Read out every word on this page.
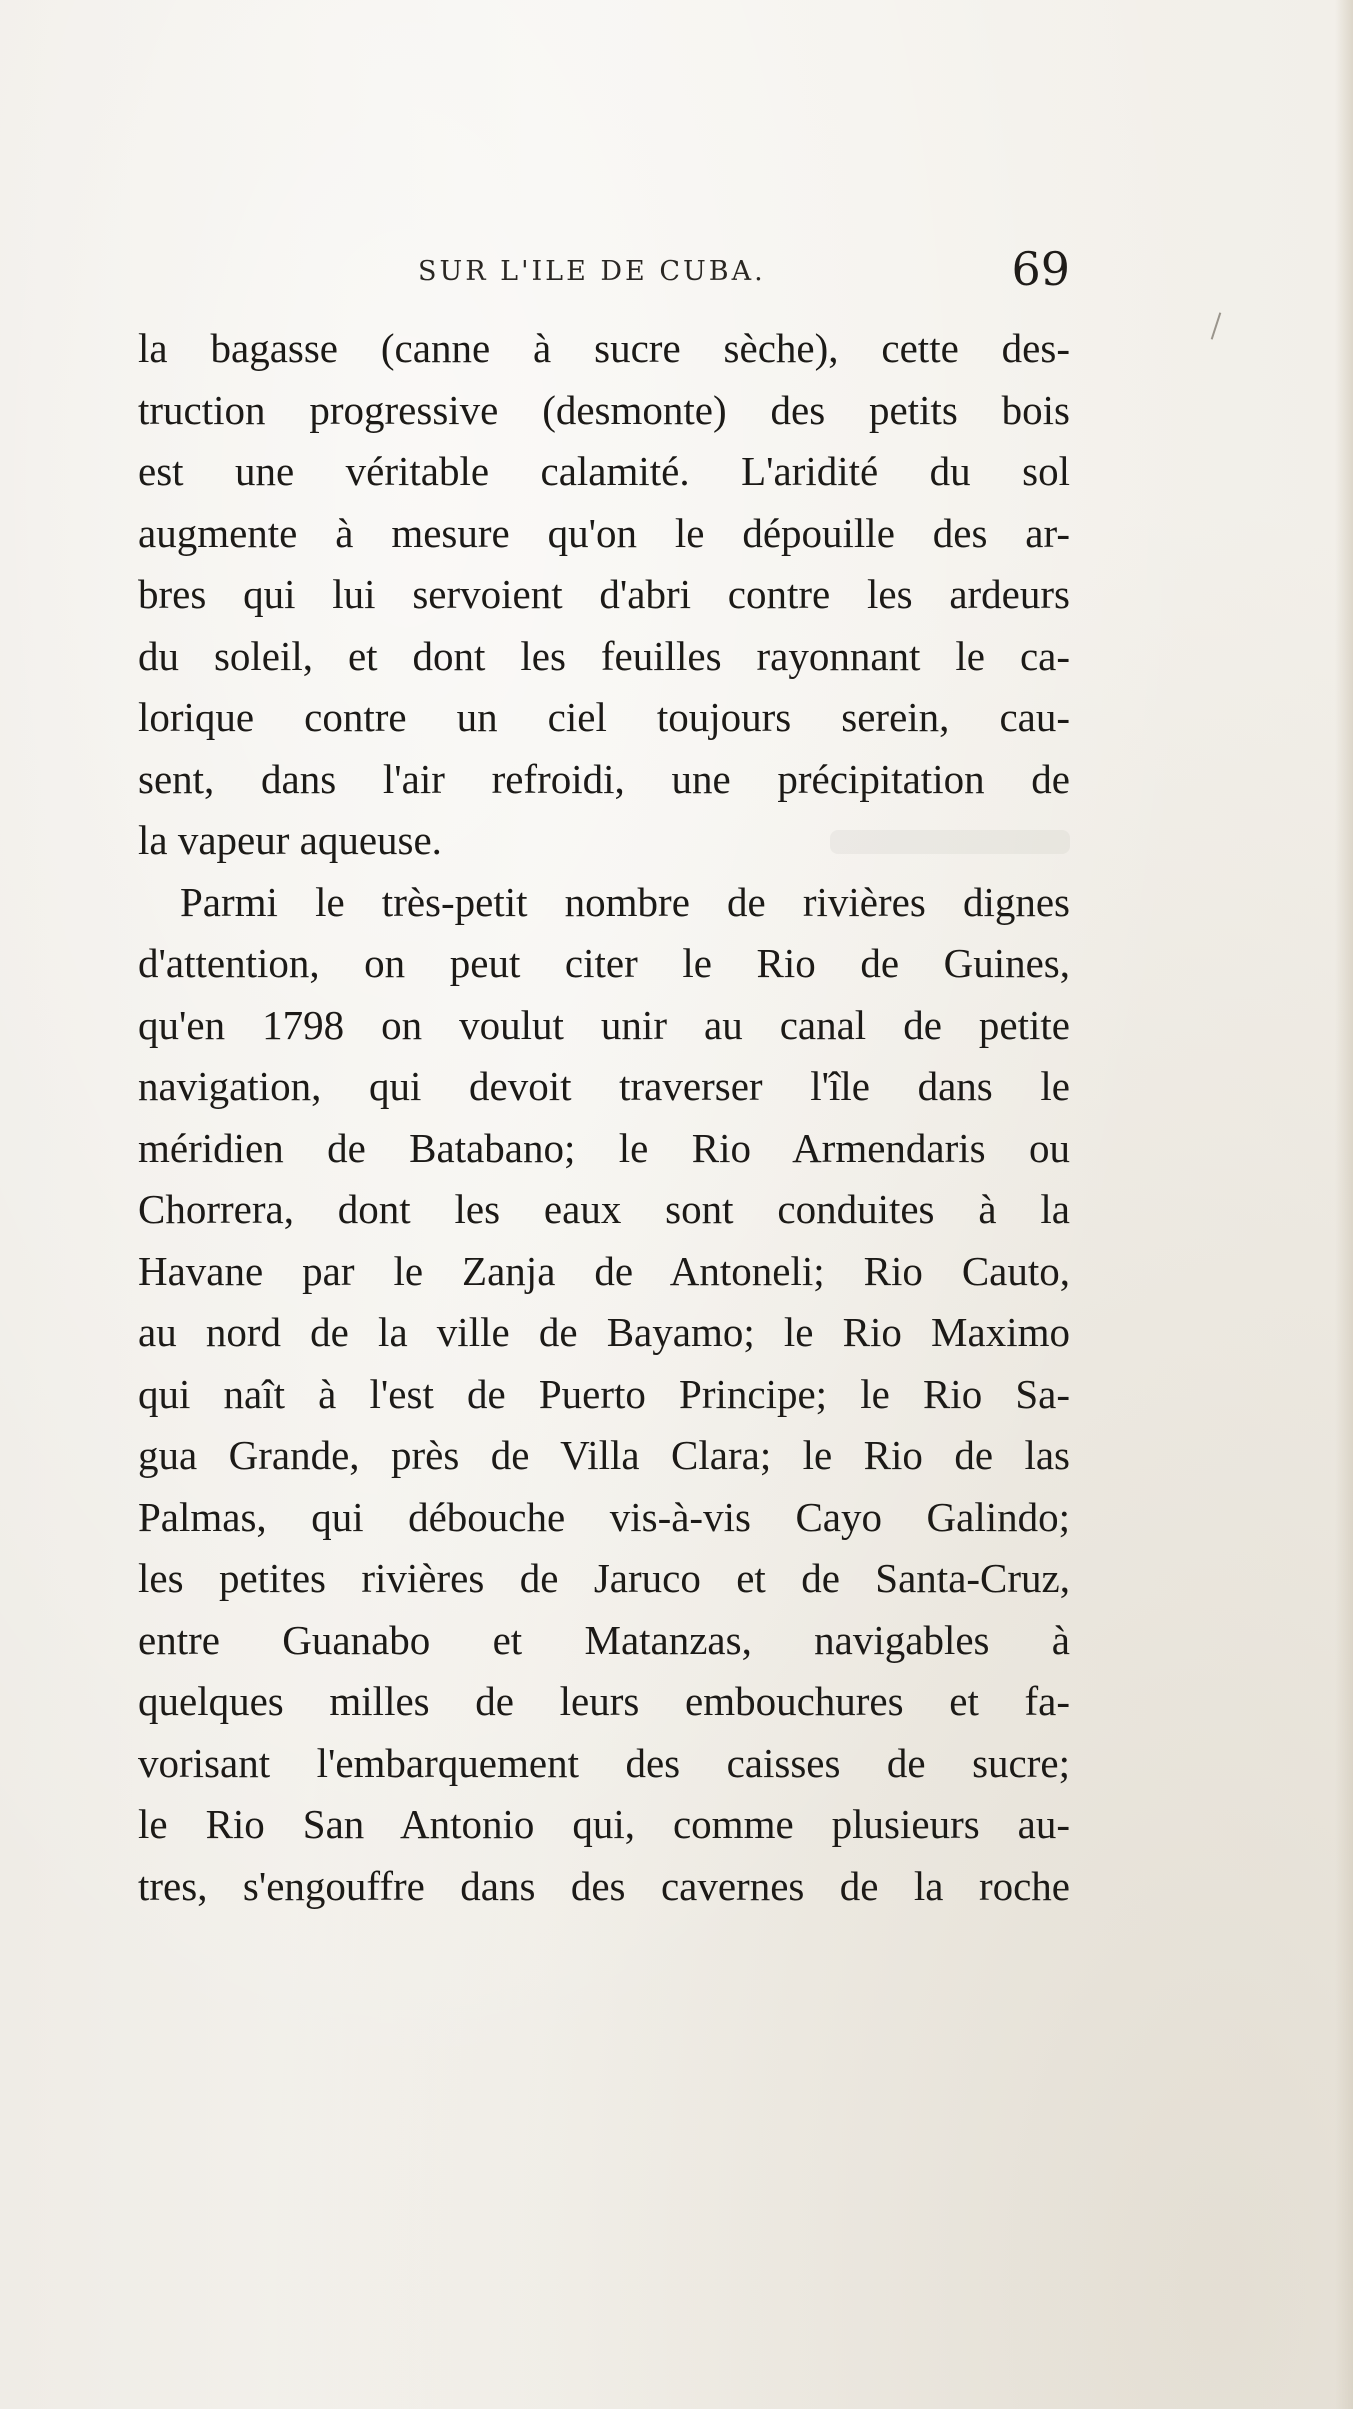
SUR L'ILE DE CUBA.	69
la bagasse (canne à sucre sèche), cette des-
truction progressive (desmonte) des petits bois
est une véritable calamité. L'aridité du sol
augmente à mesure qu'on le dépouille des ar-
bres qui lui servoient d'abri contre les ardeurs
du soleil, et dont les feuilles rayonnant le ca-
lorique contre un ciel toujours serein, cau-
sent, dans l'air refroidi, une précipitation de
la vapeur aqueuse.
Parmi le très-petit nombre de rivières dignes
d'attention, on peut citer le Rio de Guines,
qu'en 1798 on voulut unir au canal de petite
navigation, qui devoit traverser l'île dans le
méridien de Batabano; le Rio Armendaris ou
Chorrera, dont les eaux sont conduites à la
Havane par le Zanja de Antoneli; Rio Cauto,
au nord de la ville de Bayamo; le Rio Maximo
qui naît à l'est de Puerto Principe; le Rio Sa-
gua Grande, près de Villa Clara; le Rio de las
Palmas, qui débouche vis-à-vis Cayo Galindo;
les petites rivières de Jaruco et de Santa-Cruz,
entre Guanabo et Matanzas, navigables à
quelques milles de leurs embouchures et fa-
vorisant l'embarquement des caisses de sucre;
le Rio San Antonio qui, comme plusieurs au-
tres, s'engouffre dans des cavernes de la roche
